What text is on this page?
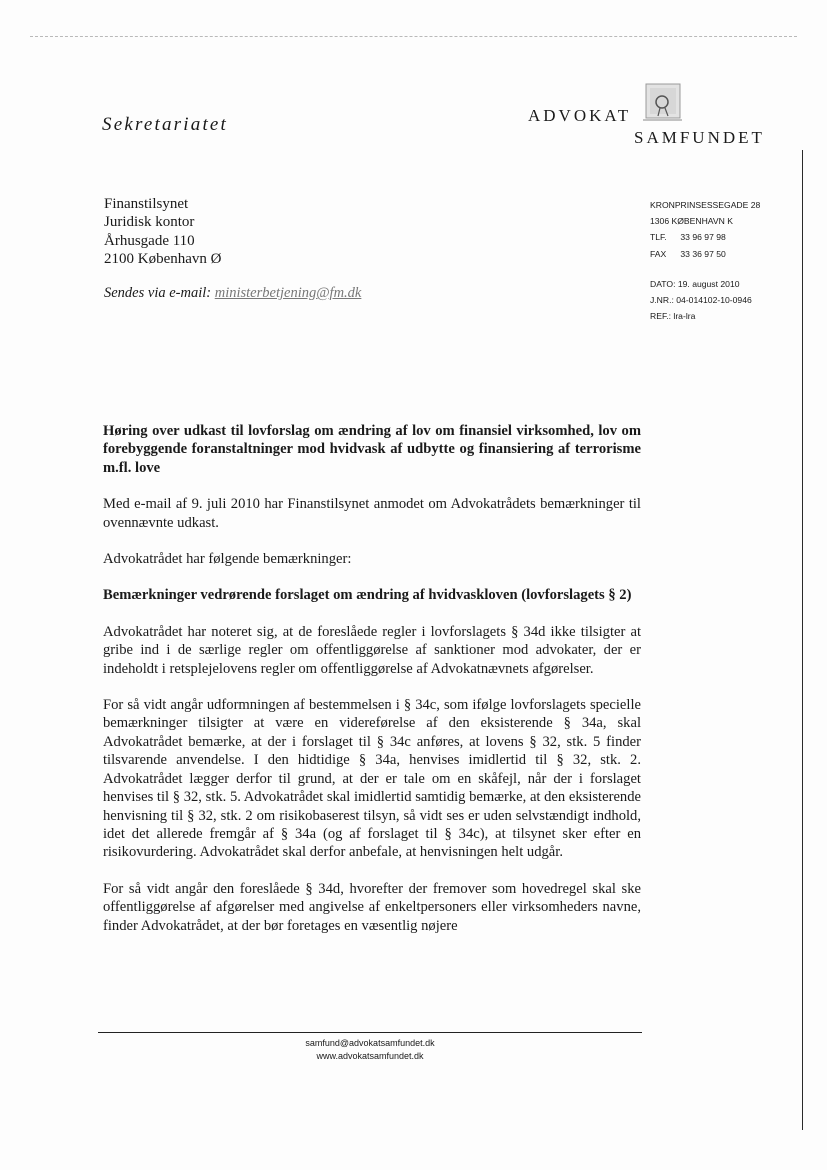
Sekretariatet	ADVOKAT
SAMFUNDET
Finanstilsynet
Juridisk kontor
Århusgade 110
2100 København Ø
Sendes via e-mail: ministerbetjening@fm.dk
KRONPRINSESSEGADE 28
1306 KØBENHAVN K
TLF. 33 96 97 98
FAX 33 36 97 50
DATO: 19. august 2010
J.NR.: 04-014102-10-0946
REF.: lra-lra

Høring over udkast til lovforslag om ændring af lov om finansiel virksomhed, lov om forebyggende foranstaltninger mod hvidvask af udbytte og finansiering af terrorisme m.fl. love

Med e-mail af 9. juli 2010 har Finanstilsynet anmodet om Advokatrådets bemærkninger til ovennævnte udkast.

Advokatrådet har følgende bemærkninger:

Bemærkninger vedrørende forslaget om ændring af hvidvaskloven (lovforslagets § 2)

Advokatrådet har noteret sig, at de foreslåede regler i lovforslagets § 34d ikke tilsigter at gribe ind i de særlige regler om offentliggørelse af sanktioner mod advokater, der er indeholdt i retsplejelovens regler om offentliggørelse af Advokatnævnets afgørelser.

For så vidt angår udformningen af bestemmelsen i § 34c, som ifølge lovforslagets specielle bemærkninger tilsigter at være en videreførelse af den eksisterende § 34a, skal Advokatrådet bemærke, at der i forslaget til § 34c anføres, at lovens § 32, stk. 5 finder tilsvarende anvendelse. I den hidtidige § 34a, henvises imidlertid til § 32, stk. 2. Advokatrådet lægger derfor til grund, at der er tale om en skåfejl, når der i forslaget henvises til § 32, stk. 5. Advokatrådet skal imidlertid samtidig bemærke, at den eksisterende henvisning til § 32, stk. 2 om risikobaserest tilsyn, så vidt ses er uden selvstændigt indhold, idet det allerede fremgår af § 34a (og af forslaget til § 34c), at tilsynet sker efter en risikovurdering. Advokatrådet skal derfor anbefale, at henvisningen helt udgår.

For så vidt angår den foreslåede § 34d, hvorefter der fremover som hovedregel skal ske offentliggørelse af afgørelser med angivelse af enkeltpersoners eller virksomheders navne, finder Advokatrådet, at der bør foretages en væsentlig nøjere

samfund@advokatsamfundet.dk
www.advokatsamfundet.dk
